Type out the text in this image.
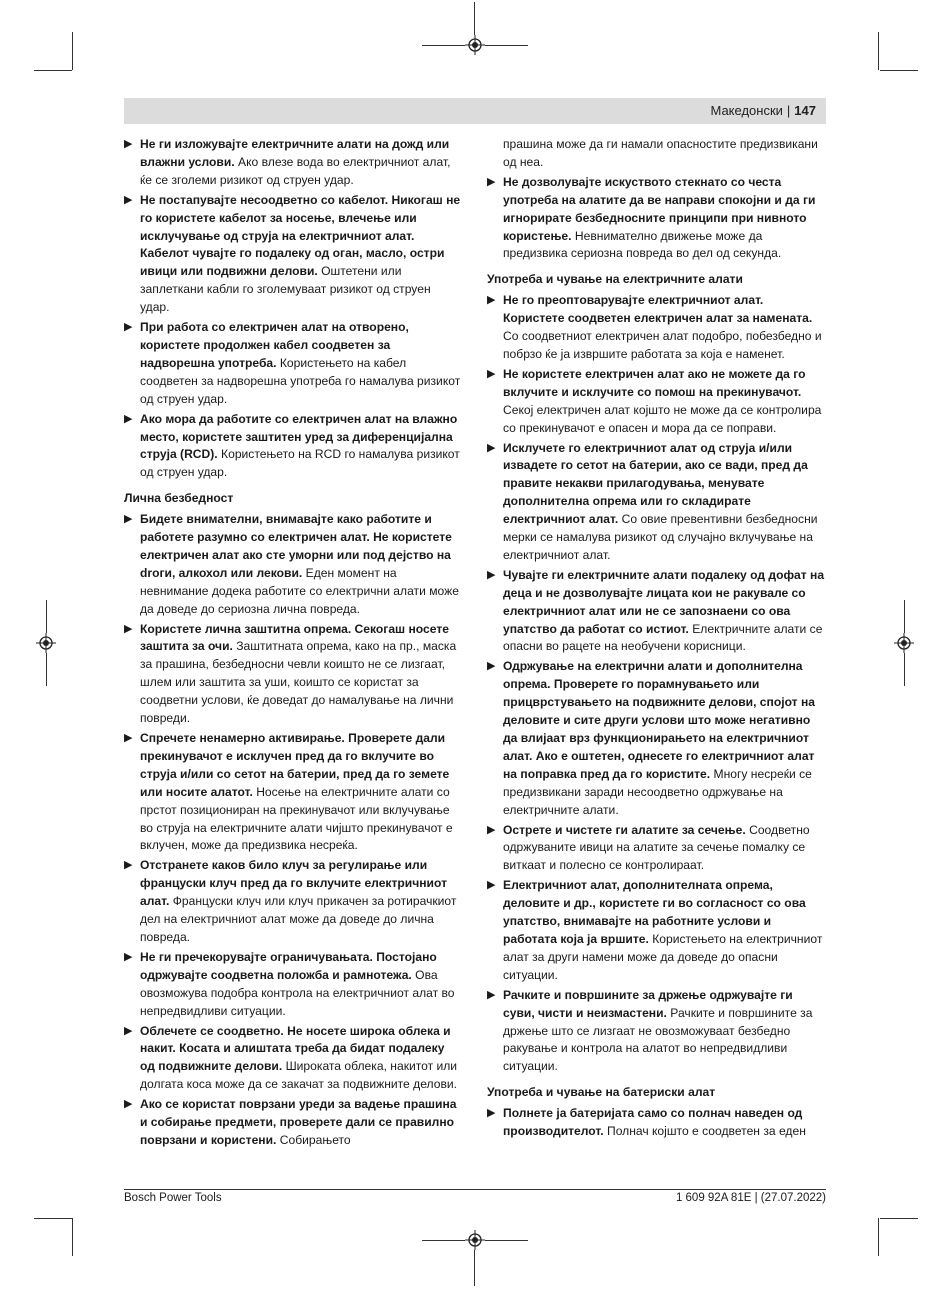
Македонски | 147
▶ Не ги изложувајте електричните алати на дожд или влажни услови. Ако влезе вода во електричниот алат, ќе се зголеми ризикот од струен удар.
▶ Не постапувајте несоодветно со кабелот. Никогаш не го користете кабелот за носење, влечење или исклучување од струја на електричниот алат. Кабелот чувајте го подалеку од оган, масло, остри ивици или подвижни делови. Оштетени или заплеткани кабли го зголемуваат ризикот од струен удар.
▶ При работа со електричен алат на отворено, користете продолжен кабел соодветен за надворешна употреба. Користењето на кабел соодветен за надворешна употреба го намалува ризикот од струен удар.
▶ Ако мора да работите со електричен алат на влажно место, користете заштитен уред за диференцијална струја (RCD). Користењето на RCD го намалува ризикот од струен удар.
Лична безбедност
▶ Бидете внимателни, внимавајте како работите и работете разумно со електричен алат. Не користете електричен алат ако сте уморни или под дејство на droги, алкохол или лекови. Еден момент на невнимание додека работите со електрични алати може да доведе до сериозна лична повреда.
▶ Користете лична заштитна опрема. Секогаш носете заштита за очи. Заштитната опрема, како на пр., маска за прашина, безбедносни чевли коишто не се лизгаат, шлем или заштита за уши, коишто се користат за соодветни услови, ќе доведат до намалување на лични повреди.
▶ Спречете ненамерно активирање. Проверете дали прекинувачот е исклучен пред да го вклучите во струја и/или со сетот на батерии, пред да го земете или носите алатот. Носење на електричните алати со прстот позициониран на прекинувачот или вклучување во струја на електричните алати чијшто прекинувачот е вклучен, може да предизвика несреќа.
▶ Отстранете каков било клуч за регулирање или француски клуч пред да го вклучите електричниот алат. Француски клуч или клуч прикачен за ротирачкиот дел на електричниот алат може да доведе до лична повреда.
▶ Не ги пречекорувајте ограничувањата. Постојано одржувајте соодветна положба и рамнотежа. Ова овозможува подобра контрола на електричниот алат во непредвидливи ситуации.
▶ Облечете се соодветно. Не носете широка облека и накит. Косата и алиштата треба да бидат подалеку од подвижните делови. Широката облека, накитот или долгата коса може да се закачат за подвижните делови.
▶ Ако се користат поврзани уреди за вадење прашина и собирање предмети, проверете дали се правилно поврзани и користени. Собирањето
прашина може да ги намали опасностите предизвикани од неа.
▶ Не дозволувајте искуството стекнато со честа употреба на алатите да ве направи спокојни и да ги игнорирате безбедносните принципи при нивното користење. Невнимателно движење може да предизвика сериозна повреда во дел од секунда.
Употреба и чување на електричните алати
▶ Не го преоптоварувајте електричниот алат. Користете соодветен електричен алат за намената. Со соодветниот електричен алат подобро, побезбедно и побрзо ќе ја извршите работата за која е наменет.
▶ Не користете електричен алат ако не можете да го вклучите и исклучите со помош на прекинувачот. Секој електричен алат којшто не може да се контролира со прекинувачот е опасен и мора да се поправи.
▶ Исклучете го електричниот алат од струја и/или извадете го сетот на батерии, ако се вади, пред да правите некакви прилагодувања, менувате дополнителна опрема или го складирате електричниот алат. Со овие превентивни безбедносни мерки се намалува ризикот од случајно вклучување на електричниот алат.
▶ Чувајте ги електричните алати подалеку од дофат на деца и не дозволувајте лицата кои не ракувале со електричниот алат или не се запознаени со ова упатство да работат со истиот. Електричните алати се опасни во рацете на необучени корисници.
▶ Одржување на електрични алати и дополнителна опрема. Проверете го порамнувањето или прицврстувањето на подвижните делови, спојот на деловите и сите други услови што може негативно да влијаат врз функционирањето на електричниот алат. Ако е оштетен, однесете го електричниот алат на поправка пред да го користите. Многу несреќи се предизвикани заради несоодветно одржување на електричните алати.
▶ Острете и чистете ги алатите за сечење. Соодветно одржуваните ивици на алатите за сечење помалку се виткаат и полесно се контролираат.
▶ Електричниот алат, дополнителната опрема, деловите и др., користете ги во согласност со ова упатство, внимавајте на работните услови и работата која ја вршите. Користењето на електричниот алат за други намени може да доведе до опасни ситуации.
▶ Рачките и површините за држење одржувајте ги суви, чисти и неизмастени. Рачките и површините за држење што се лизгаат не овозможуваат безбедно ракување и контрола на алатот во непредвидливи ситуации.
Употреба и чување на батериски алат
▶ Полнете ја батеријата само со полнач наведен од производителот. Полнач којшто е соодветен за еден
Bosch Power Tools	1 609 92A 81E | (27.07.2022)
